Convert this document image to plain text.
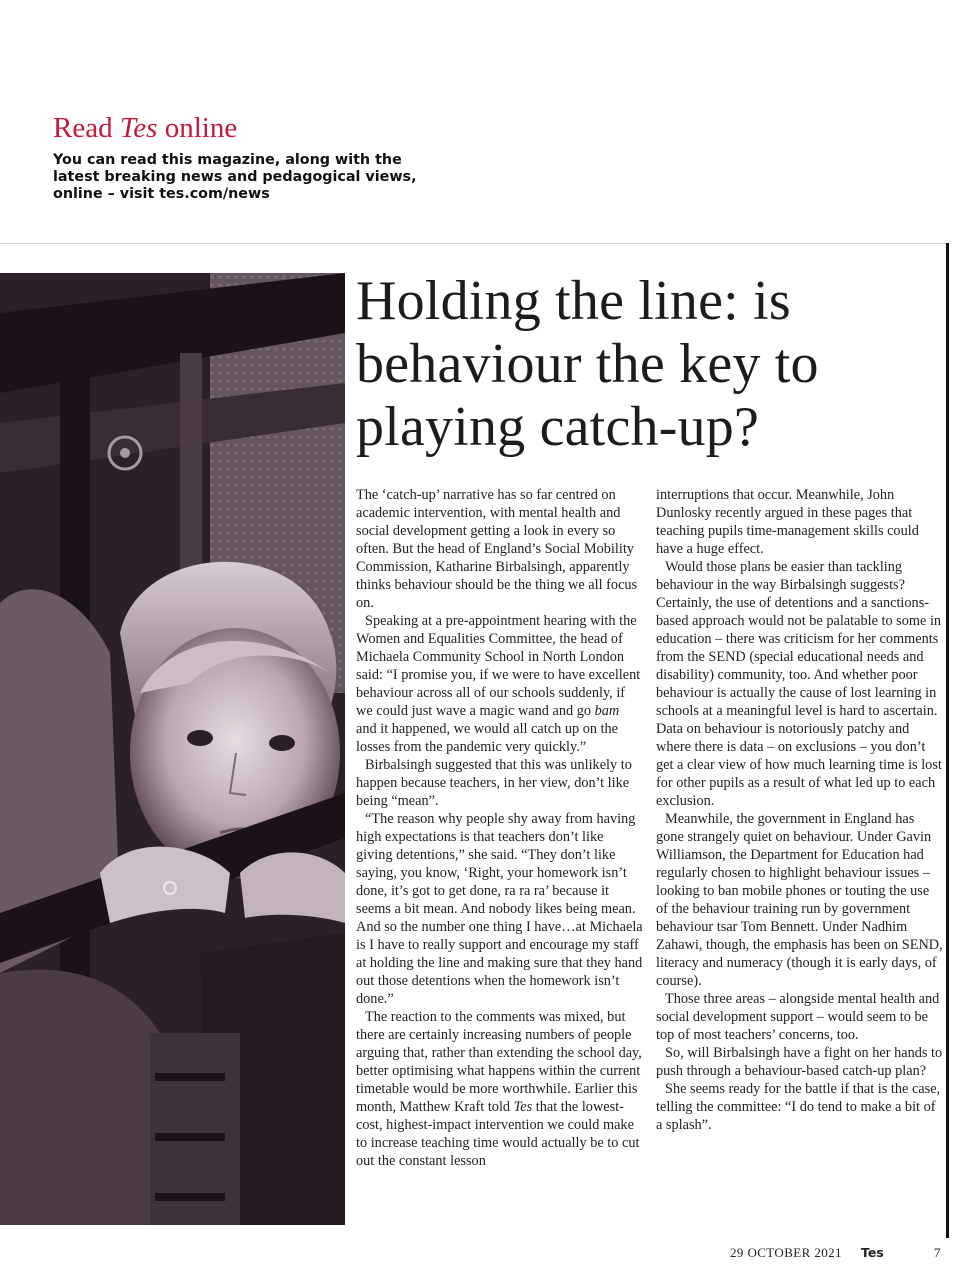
Read Tes online

You can read this magazine, along with the latest breaking news and pedagogical views, online – visit tes.com/news

Holding the line: is behaviour the key to playing catch-up?

The ‘catch-up’ narrative has so far centred on academic intervention, with mental health and social development getting a look in every so often. But the head of England’s Social Mobility Commission, Katharine Birbalsingh, apparently thinks behaviour should be the thing we all focus on.

Speaking at a pre-appointment hearing with the Women and Equalities Committee, the head of Michaela Community School in North London said: “I promise you, if we were to have excellent behaviour across all of our schools suddenly, if we could just wave a magic wand and go bam and it happened, we would all catch up on the losses from the pandemic very quickly.”

Birbalsingh suggested that this was unlikely to happen because teachers, in her view, don’t like being “mean”.

“The reason why people shy away from having high expectations is that teachers don’t like giving detentions,” she said. “They don’t like saying, you know, ‘Right, your homework isn’t done, it’s got to get done, ra ra ra’ because it seems a bit mean. And nobody likes being mean. And so the number one thing I have…at Michaela is I have to really support and encourage my staff at holding the line and making sure that they hand out those detentions when the homework isn’t done.”

The reaction to the comments was mixed, but there are certainly increasing numbers of people arguing that, rather than extending the school day, better optimising what happens within the current timetable would be more worthwhile. Earlier this month, Matthew Kraft told Tes that the lowest-cost, highest-impact intervention we could make to increase teaching time would actually be to cut out the constant lesson

interruptions that occur. Meanwhile, John Dunlosky recently argued in these pages that teaching pupils time-management skills could have a huge effect.

Would those plans be easier than tackling behaviour in the way Birbalsingh suggests? Certainly, the use of detentions and a sanctions-based approach would not be palatable to some in education – there was criticism for her comments from the SEND (special educational needs and disability) community, too. And whether poor behaviour is actually the cause of lost learning in schools at a meaningful level is hard to ascertain. Data on behaviour is notoriously patchy and where there is data – on exclusions – you don’t get a clear view of how much learning time is lost for other pupils as a result of what led up to each exclusion.

Meanwhile, the government in England has gone strangely quiet on behaviour. Under Gavin Williamson, the Department for Education had regularly chosen to highlight behaviour issues – looking to ban mobile phones or touting the use of the behaviour training run by government behaviour tsar Tom Bennett. Under Nadhim Zahawi, though, the emphasis has been on SEND, literacy and numeracy (though it is early days, of course).

Those three areas – alongside mental health and social development support – would seem to be top of most teachers’ concerns, too.

So, will Birbalsingh have a fight on her hands to push through a behaviour-based catch-up plan?

She seems ready for the battle if that is the case, telling the committee: “I do tend to make a bit of a splash”.

29 OCTOBER 2021 Tes	7
